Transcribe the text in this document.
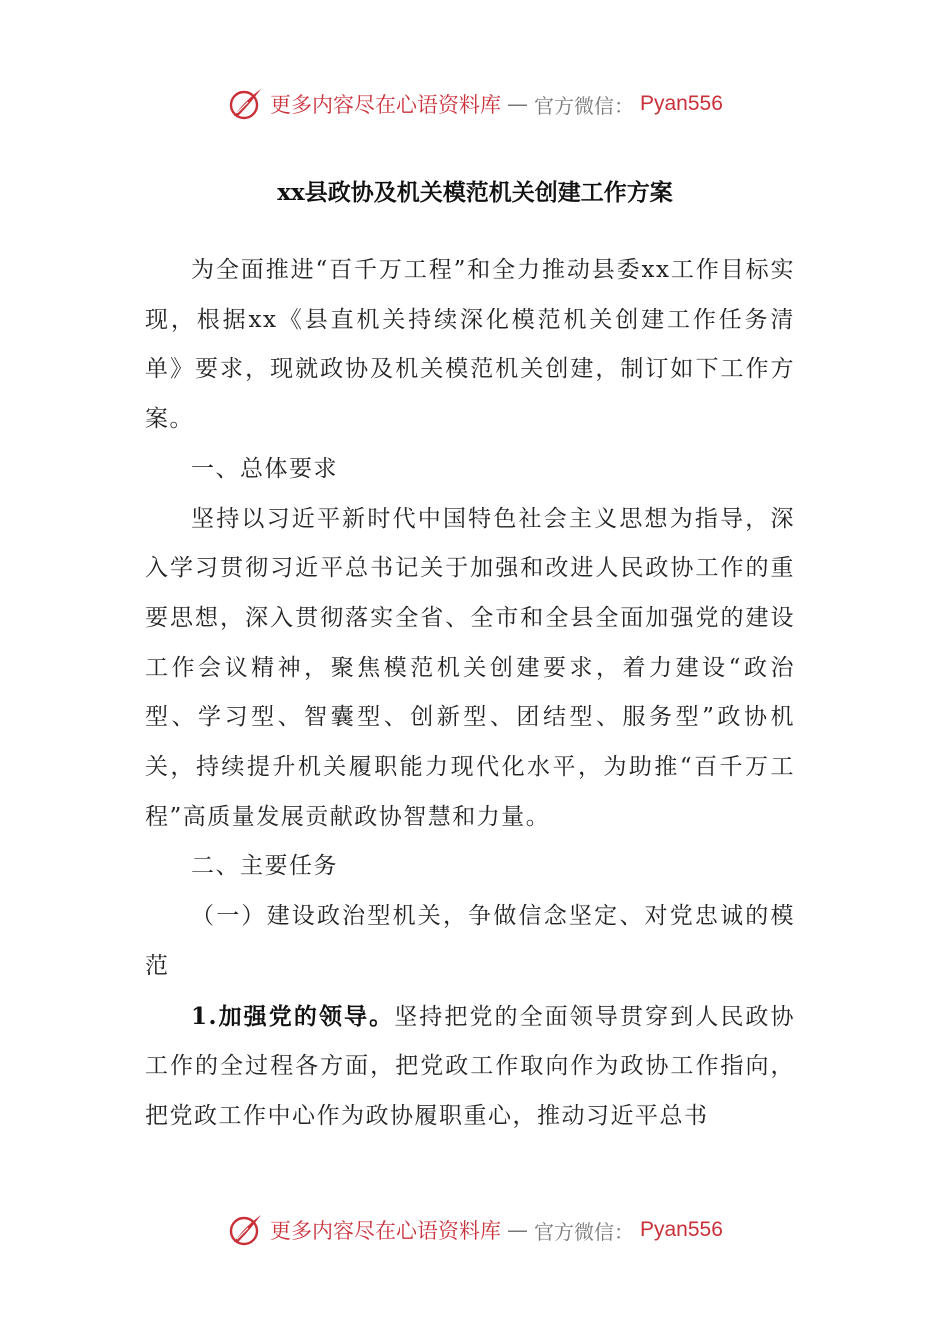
更多内容尽在心语资料库 — 官方微信： Pyan556
xx县政协及机关模范机关创建工作方案

为全面推进“百千万工程”和全力推动县委xx工作目标实现，根据xx《县直机关持续深化模范机关创建工作任务清单》要求，现就政协及机关模范机关创建，制订如下工作方案。

一、总体要求

坚持以习近平新时代中国特色社会主义思想为指导，深入学习贯彻习近平总书记关于加强和改进人民政协工作的重要思想，深入贯彻落实全省、全市和全县全面加强党的建设工作会议精神，聚焦模范机关创建要求，着力建设“政治型、学习型、智囊型、创新型、团结型、服务型”政协机关，持续提升机关履职能力现代化水平，为助推“百千万工程”高质量发展贡献政协智慧和力量。

二、主要任务

（一）建设政治型机关，争做信念坚定、对党忠诚的模范

1.加强党的领导。坚持把党的全面领导贯穿到人民政协工作的全过程各方面，把党政工作取向作为政协工作指向，把党政工作中心作为政协履职重心，推动习近平总书

更多内容尽在心语资料库 — 官方微信： Pyan556
